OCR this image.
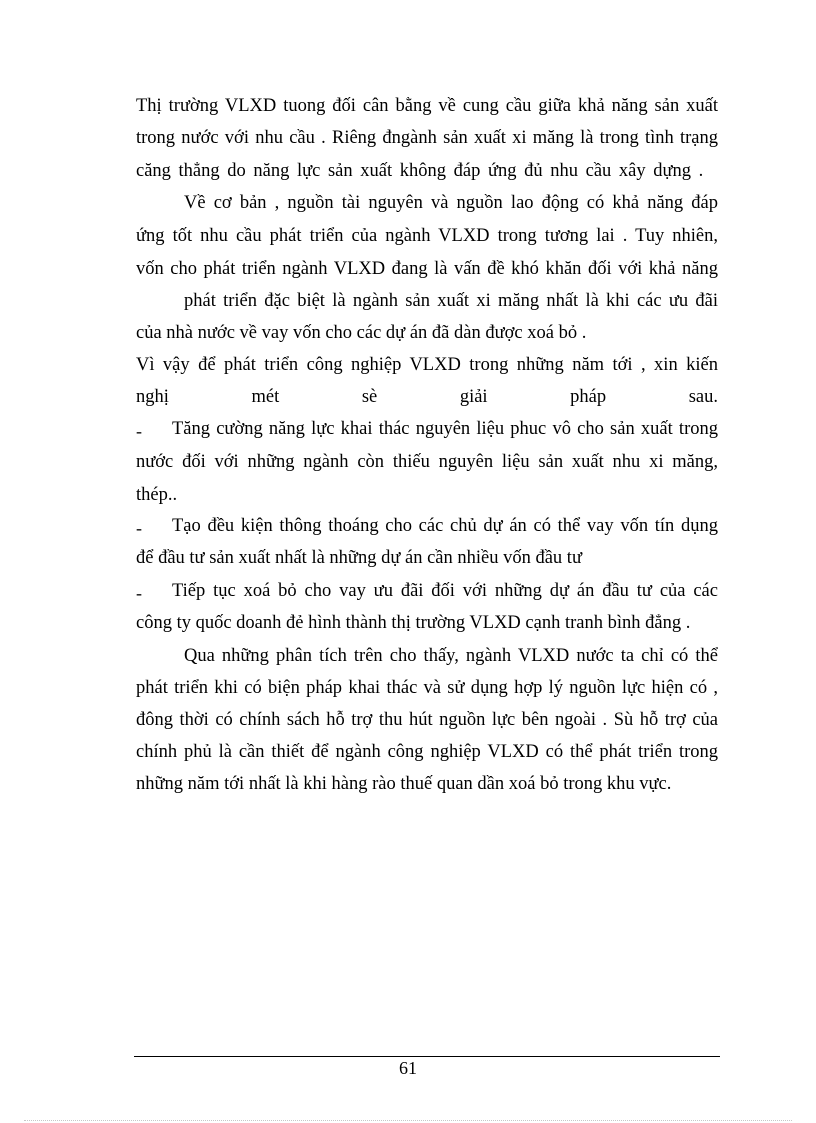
Thị trường VLXD tuong đối cân bằng về cung cầu giữa khả năng sản xuất
trong nước với nhu cầu . Riêng đngành sản xuất xi măng là trong tình trạng
căng thẳng do năng lực sản xuất không đáp ứng đủ nhu cầu xây dựng .
Về cơ bản , nguồn tài nguyên và nguồn lao động có khả năng đáp
ứng tốt nhu cầu phát triển của ngành VLXD trong tương lai . Tuy nhiên,
vốn cho phát triển ngành VLXD đang là vấn đề khó khăn đối với khả năng
phát triển đặc biệt là ngành sản xuất xi măng nhất là khi các ưu đãi
của nhà nước về vay vốn cho các dự án đã dàn được xoá bỏ .
Vì vậy để phát triển công nghiệp VLXD trong những năm tới , xin kiến
nghị mét sè giải pháp sau.
- Tăng cường năng lực khai thác nguyên liệu phuc vô cho sản xuất trong
nước đối với những ngành còn thiếu nguyên liệu sản xuất nhu xi măng,
thép..
- Tạo đều kiện thông thoáng cho các chủ dự án có thể vay vốn tín dụng
để đầu tư sản xuất nhất là những dự án cần nhiều vốn đầu tư
- Tiếp tục xoá bỏ cho vay ưu đãi đối với những dự án đầu tư của các
công ty quốc doanh đẻ hình thành thị trường VLXD cạnh tranh bình đẳng .
Qua những phân tích trên cho thấy, ngành VLXD nước ta chỉ có thể
phát triển khi có biện pháp khai thác và sử dụng hợp lý nguồn lực hiện có ,
đông thời có chính sách hỗ trợ thu hút nguồn lực bên ngoài . Sù hỗ trợ của
chính phủ là cần thiết để ngành công nghiệp VLXD có thể phát triển trong
những năm tới nhất là khi hàng rào thuế quan dần xoá bỏ trong khu vực.
61
